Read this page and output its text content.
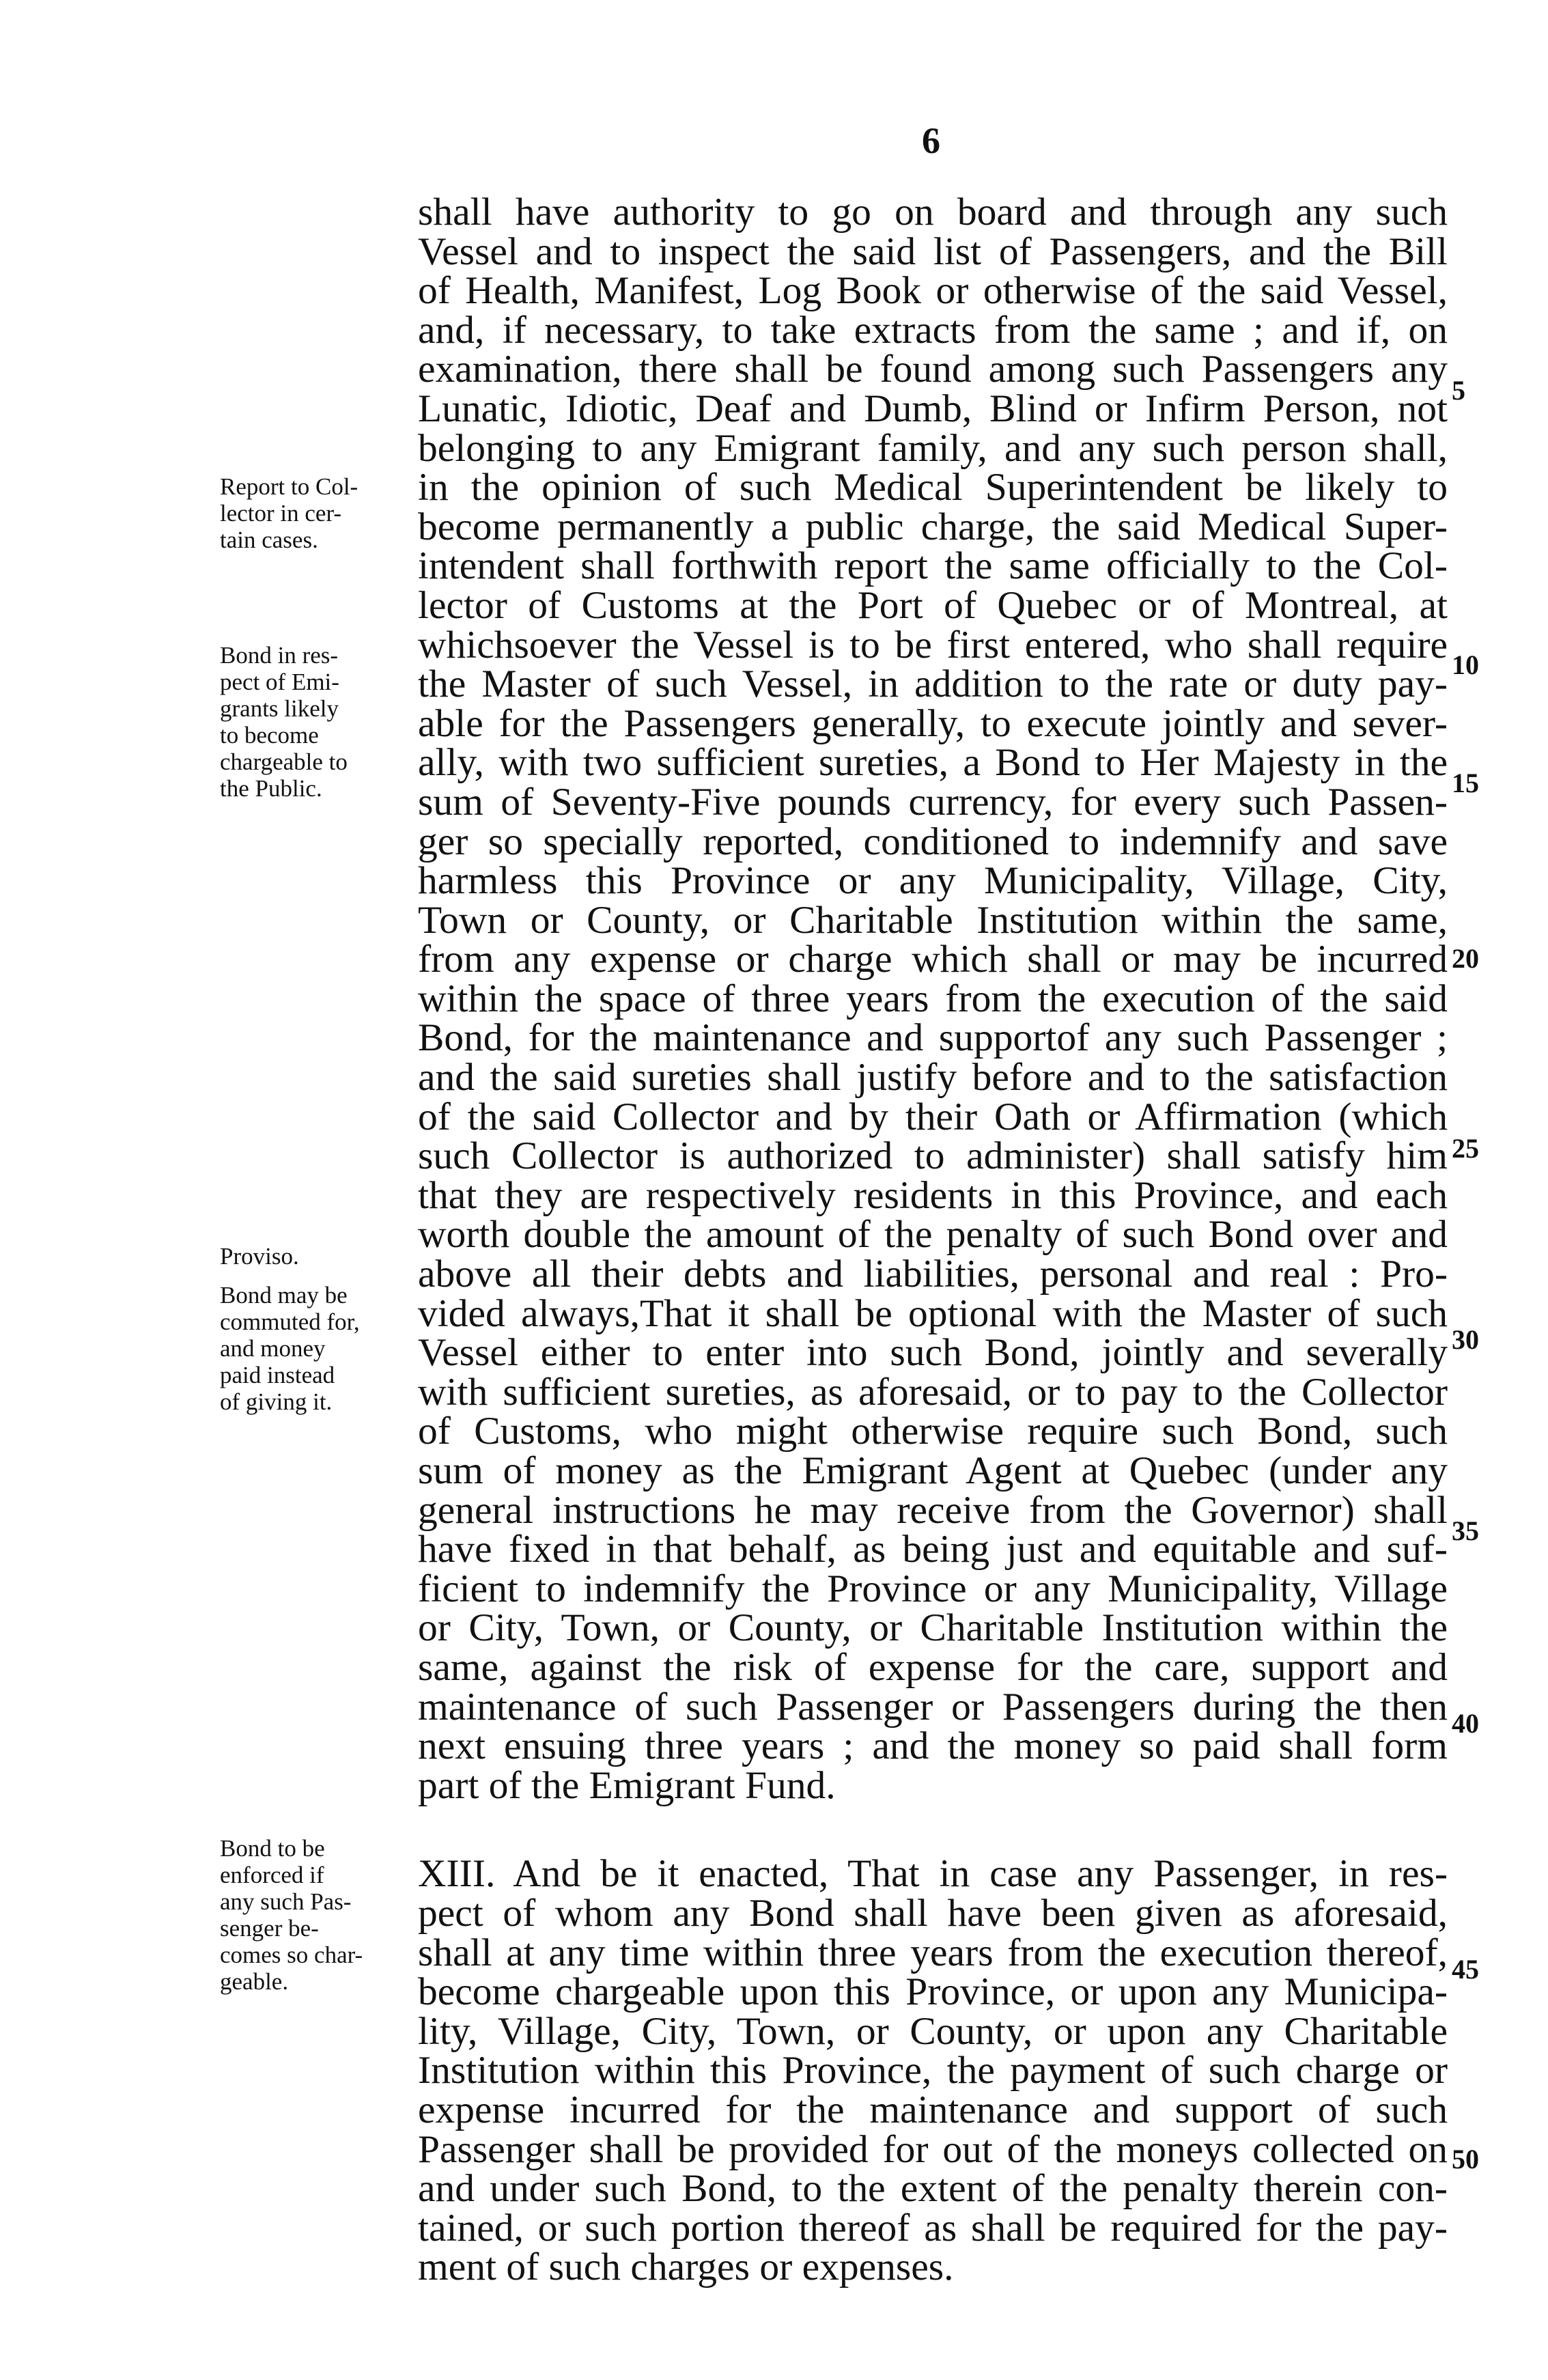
6
shall have authority to go on board and through any such
Vessel and to inspect the said list of Passengers, and the Bill
of Health, Manifest, Log Book or otherwise of the said Vessel,
and, if necessary, to take extracts from the same ; and if, on
examination, there shall be found among such Passengers any
Lunatic, Idiotic, Deaf and Dumb, Blind or Infirm Person, not
belonging to any Emigrant family, and any such person shall,
in the opinion of such Medical Superintendent be likely to
become permanently a public charge, the said Medical Super-
intendent shall forthwith report the same officially to the Col-
lector of Customs at the Port of Quebec or of Montreal, at
whichsoever the Vessel is to be first entered, who shall require
the Master of such Vessel, in addition to the rate or duty pay-
able for the Passengers generally, to execute jointly and sever-
ally, with two sufficient sureties, a Bond to Her Majesty in the
sum of Seventy-Five pounds currency, for every such Passen-
ger so specially reported, conditioned to indemnify and save
harmless this Province or any Municipality, Village, City,
Town or County, or Charitable Institution within the same,
from any expense or charge which shall or may be incurred
within the space of three years from the execution of the said
Bond, for the maintenance and supportof any such Passenger ;
and the said sureties shall justify before and to the satisfaction
of the said Collector and by their Oath or Affirmation (which
such Collector is authorized to administer) shall satisfy him
that they are respectively residents in this Province, and each
worth double the amount of the penalty of such Bond over and
above all their debts and liabilities, personal and real : Pro-
vided always,That it shall be optional with the Master of such
Vessel either to enter into such Bond, jointly and severally
with sufficient sureties, as aforesaid, or to pay to the Collector
of Customs, who might otherwise require such Bond, such
sum of money as the Emigrant Agent at Quebec (under any
general instructions he may receive from the Governor) shall
have fixed in that behalf, as being just and equitable and suf-
ficient to indemnify the Province or any Municipality, Village
or City, Town, or County, or Charitable Institution within the
same, against the risk of expense for the care, support and
maintenance of such Passenger or Passengers during the then
next ensuing three years ; and the money so paid shall form
part of the Emigrant Fund.
XIII. And be it enacted, That in case any Passenger, in res-
pect of whom any Bond shall have been given as aforesaid,
shall at any time within three years from the execution thereof,
become chargeable upon this Province, or upon any Municipa-
lity, Village, City, Town, or County, or upon any Charitable
Institution within this Province, the payment of such charge or
expense incurred for the maintenance and support of such
Passenger shall be provided for out of the moneys collected on
and under such Bond, to the extent of the penalty therein con-
tained, or such portion thereof as shall be required for the pay-
ment of such charges or expenses.
Report to Col-
lector in cer-
tain cases.
Bond in res-
pect of Emi-
grants likely
to become
chargeable to
the Public.
Proviso.
Bond may be
commuted for,
and money
paid instead
of giving it.
Bond to be
enforced if
any such Pas-
senger be-
comes so char-
geable.
5
10
15
20
25
30
35
40
45
50
